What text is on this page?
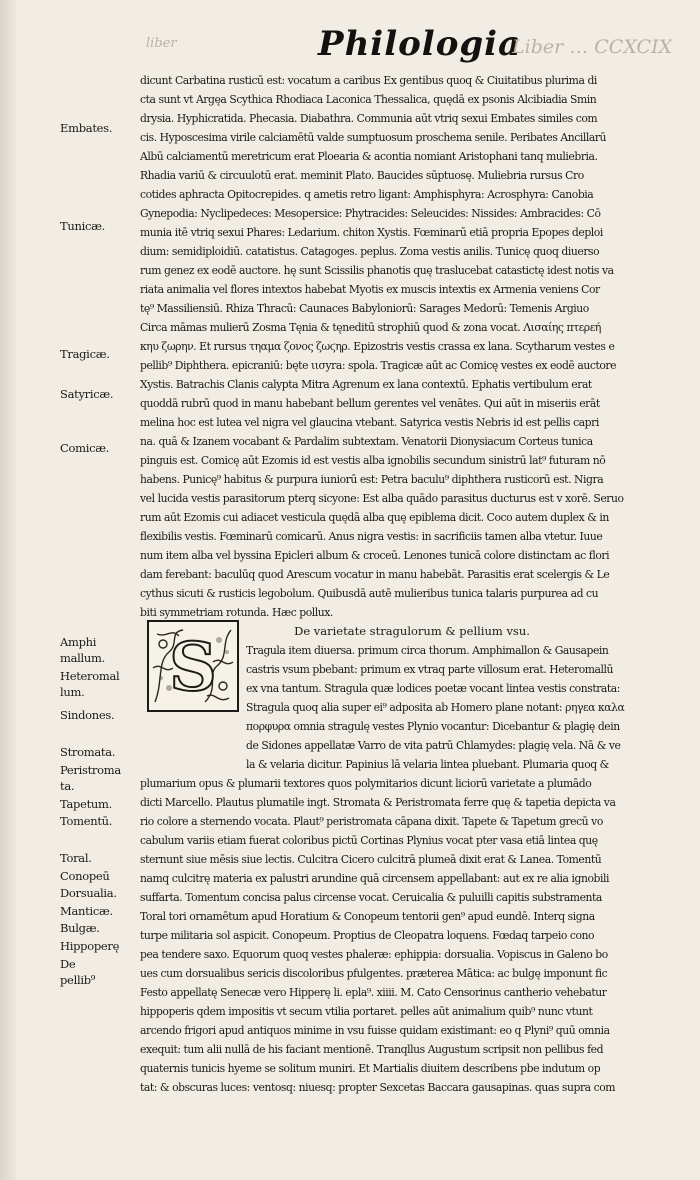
Philologia
Liber … CCXCIX
liber
Embates.
Tunicæ.
Tragicæ.
Satyricæ.
Comicæ.
Amphi mallum.
Heteromal lum.
Sindones.
Stromata.
Peristroma ta.
Tapetum.
Tomentū.
Toral.
Conopeū
Dorsualia.
Manticæ.
Bulgæ.
Hippoperę
De pellib⁹
S
dicunt Carbatina rusticū est: vocatum a caribus Ex gentibus quoq & Ciuitatibus plurima di
cta sunt vt Argęa Scythica Rhodiaca Laconica Thessalica, quędā ex psonis Alcibiadia Smin
drysia. Hyphicratida. Phecasia. Diabathra. Communia aūt vtriq sexui Embates similes com
cis. Hyposcesima virile calciamētū valde sumptuosum proschema senile. Peribates Ancillarū
Albū calciamentū meretricum erat Ploearia & acontia nomiant Aristophani tanq muliebria.
Rhadia variū & circuulotū erat. meminit Plato. Baucides sūptuosę. Muliebria rursus Cro
cotides aphracta Opitocrepides. q ametis retro ligant: Amphisphyra: Acrosphyra: Canobia
Gynepodia: Nyclipedeces: Mesopersice: Phytracides: Seleucides: Nissides: Ambracides: Cō
munia itē vtriq sexui Phares: Ledarium. chiton Xystis. Fœminarū etiā propria Epopes deploi
dium: semidiploidiū. catatistus. Catagoges. peplus. Zoma vestis anilis. Tunicę quoq diuerso
rum genez ex eodē auctore. hę sunt Scissilis phanotis quę traslucebat catastictę idest notis va
riata animalia vel flores intextos habebat Myotis ex muscis intextis ex Armenia veniens Cor
tę⁹ Massiliensiū. Rhiza Thracū: Caunaces Babyloniorū: Sarages Medorū: Temenis Argiuo
Circa māmas mulierū Zosma Tęnia & tęneditū strophiū quod & zona vocat. Λισαίης πτερεή
κηυ ζωρην. Et rursus τηαμα ζονος ζωϛηρ. Epizostris vestis crassa ex lana. Scytharum vestes e
pellib⁹ Diphthera. epicraniū: bęte ιισyra: spola. Tragicæ aūt ac Comicę vestes ex eodē auctore
Xystis. Batrachis Clanis calypta Mitra Agrenum ex lana contextū. Ephatis vertibulum erat
quoddā rubrū quod in manu habebant bellum gerentes vel venātes. Qui aūt in miseriis erāt
melina hoc est lutea vel nigra vel glaucina vtebant. Satyrica vestis Nebris id est pellis capri
na. quā & Izanem vocabant & Pardalim subtextam. Venatorii Dionysiacum Corteus tunica
pinguis est. Comicę aūt Ezomis id est vestis alba ignobilis secundum sinistrū lat⁹ futuram nō
habens. Punicę⁹ habitus & purpura iuniorū est: Petra baculu⁹ diphthera rusticorū est. Nigra
vel lucida vestis parasitorum pterq sicyone: Est alba quādo parasitus ducturus est v xorē. Seruo
rum aūt Ezomis cui adiacet vesticula quędā alba quę epiblema dicit. Coco autem duplex & in
flexibilis vestis. Fœminarū comicarū. Anus nigra vestis: in sacrificiis tamen alba vtetur. Iuue
num item alba vel byssina Epicleri album & croceū. Lenones tunicā colore distinctam ac flori
dam ferebant: baculūq quod Arescum vocatur in manu habebāt. Parasitis erat scelergis & Le
cythus sicuti & rusticis legobolum. Quibusdā autē mulieribus tunica talaris purpurea ad cu
biti symmetriam rotunda. Hæc pollux.
De varietate stragulorum & pellium vsu.
Tragula item diuersa. primum circa thorum. Amphimallon & Gausapein
castris vsum pbebant: primum ex vtraq parte villosum erat. Heteromallū
ex vna tantum. Stragula quæ lodices poetæ vocant lintea vestis constrata:
Stragula quoq alia super ei⁹ adposita ab Homero plane notant: ρηγεα καλα
πορφυρα omnia stragulę vestes Plynio vocantur: Dicebantur & plagię dein
de Sidones appellatæ Varro de vita patrū Chlamydes: plagię vela. Nā & ve
la & velaria dicitur. Papinius lā velaria lintea pluebant. Plumaria quoq &
plumarium opus & plumarii textores quos polymitarios dicunt liciorū varietate a plumādo
dicti Marcello. Plautus plumatile ingt. Stromata & Peristromata ferre quę & tapetia depicta va
rio colore a sternendo vocata. Plaut⁹ peristromata cāpana dixit. Tapete & Tapetum grecū vo
cabulum variis etiam fuerat coloribus pictū Cortinas Plynius vocat pter vasa etiā lintea quę
sternunt siue mēsis siue lectis. Culcitra Cicero culcitrā plumeā dixit erat & Lanea. Tomentū
namq culcitrę materia ex palustri arundine quā circensem appellabant: aut ex re alia ignobili
suffarta. Tomentum concisa palus circense vocat. Ceruicalia & puluilli capitis substramenta
Toral tori ornamētum apud Horatium & Conopeum tentorii gen⁹ apud eundē. Interq signa
turpe militaria sol aspicit. Conopeum. Proptius de Cleopatra loquens. Fœdaq tarpeio cono
pea tendere saxo. Equorum quoq vestes phaleræ: ephippia: dorsualia. Vopiscus in Galeno bo
ues cum dorsualibus sericis discoloribus pfulgentes. præterea Mātica: ac bulgę imponunt fic
Festo appellatę Senecæ vero Hipperę li. epla⁹. xiiii. M. Cato Censorinus cantherio vehebatur
hippoperis qdem impositis vt secum vtilia portaret. pelles aūt animalium quib⁹ nunc vtunt
arcendo frigori apud antiquos minime in vsu fuisse quidam existimant: eo q Plyni⁹ quū omnia
exequit: tum alii nullā de his faciant mentionē. Tranqllus Augustum scripsit non pellibus fed
quaternis tunicis hyeme se solitum muniri. Et Martialis diuitem describens pbe indutum op
tat: & obscuras luces: ventosq: niuesq: propter Sexcetas Baccara gausapinas. quas supra com
